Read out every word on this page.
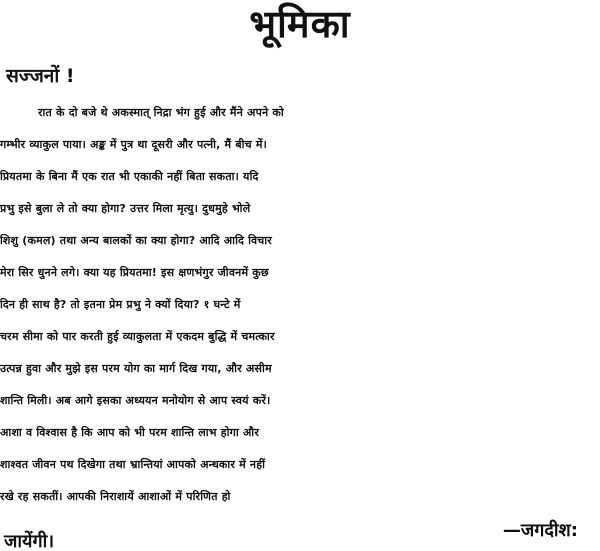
भूमिका
सज्जनों !
रात के दो बजे थे अकस्मात् निद्रा भंग हुई और मैंने अपने को
गम्भीर व्याकुल पाया। अङ्क में पुत्र था दूसरी और पत्नी, मैं बीच में।
प्रियतमा के बिना मैं एक रात भी एकाकी नहीं बिता सकता। यदि
प्रभु इसे बुला ले तो क्या होगा? उत्तर मिला मृत्यु। दुधमुहे भोले
शिशु (कमल) तथा अन्य बालकों का क्या होगा? आदि आदि विचार
मेरा सिर धुनने लगे। क्या यह प्रियतमा! इस क्षणभंगुर जीवनमें कुछ
दिन ही साथ है? तो इतना प्रेम प्रभु ने क्यों दिया? १ घन्टे में
चरम सीमा को पार करती हुई व्याकुलता में एकदम बुद्धि में चमत्कार
उत्पन्न हुवा और मुझे इस परम योग का मार्ग दिख गया, और असीम
शान्ति मिली। अब आगे इसका अध्ययन मनोयोग से आप स्वयं करें।
आशा व विश्वास है कि आप को भी परम शान्ति लाभ होगा और
शाश्वत जीवन पथ दिखेगा तथा भ्रान्तियां आपको अन्धकार में नहीं
रखे रह सकतीं। आपकी निराशायें आशाओं में परिणित हो
—जगदीश:
जायेंगी।
